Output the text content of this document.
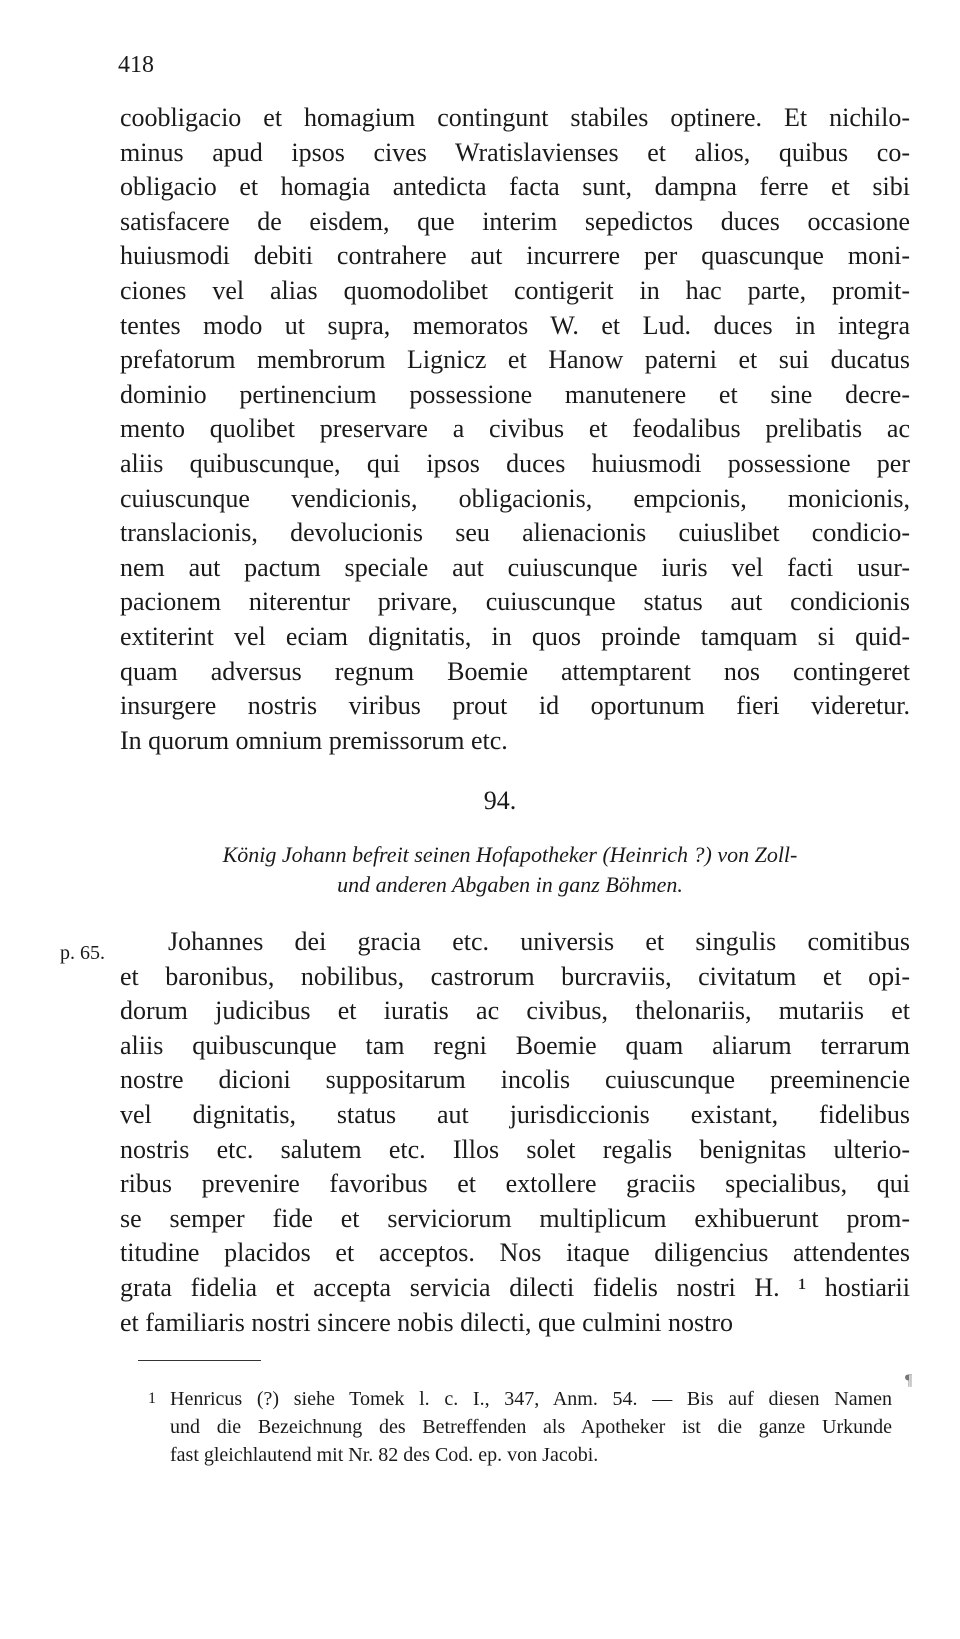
418
coobligacio et homagium contingunt stabiles optinere. Et nichilo-
minus apud ipsos cives Wratislavienses et alios, quibus co-
obligacio et homagia antedicta facta sunt, dampna ferre et sibi
satisfacere de eisdem, que interim sepedictos duces occasione
huiusmodi debiti contrahere aut incurrere per quascunque moni-
ciones vel alias quomodolibet contigerit in hac parte, promit-
tentes modo ut supra, memoratos W. et Lud. duces in integra
prefatorum membrorum Lignicz et Hanow paterni et sui ducatus
dominio pertinencium possessione manutenere et sine decre-
mento quolibet preservare a civibus et feodalibus prelibatis ac
aliis quibuscunque, qui ipsos duces huiusmodi possessione per
cuiuscunque vendicionis, obligacionis, empcionis, monicionis,
translacionis, devolucionis seu alienacionis cuiuslibet condicio-
nem aut pactum speciale aut cuiuscunque iuris vel facti usur-
pacionem niterentur privare, cuiuscunque status aut condicionis
extiterint vel eciam dignitatis, in quos proinde tamquam si quid-
quam adversus regnum Boemie attemptarent nos contingeret
insurgere nostris viribus prout id oportunum fieri videretur.
In quorum omnium premissorum etc.
94.
König Johann befreit seinen Hofapotheker (Heinrich ?) von Zoll-
und anderen Abgaben in ganz Böhmen.
p. 65.	Johannes dei gracia etc. universis et singulis comitibus
et baronibus, nobilibus, castrorum burcraviis, civitatum et opi-
dorum judicibus et iuratis ac civibus, thelonariis, mutariis et
aliis quibuscunque tam regni Boemie quam aliarum terrarum
nostre dicioni suppositarum incolis cuiuscunque preeminencie
vel dignitatis, status aut jurisdiccionis existant, fidelibus
nostris etc. salutem etc. Illos solet regalis benignitas ulterio-
ribus prevenire favoribus et extollere graciis specialibus, qui
se semper fide et serviciorum multiplicum exhibuerunt prom-
titudine placidos et acceptos. Nos itaque diligencius attendentes
grata fidelia et accepta servicia dilecti fidelis nostri H. ¹ hostiarii
et familiaris nostri sincere nobis dilecti, que culmini nostro
1 Henricus (?) siehe Tomek l. c. I., 347, Anm. 54. — Bis auf diesen Namen
und die Bezeichnung des Betreffenden als Apotheker ist die ganze Urkunde
fast gleichlautend mit Nr. 82 des Cod. ep. von Jacobi.
¶
